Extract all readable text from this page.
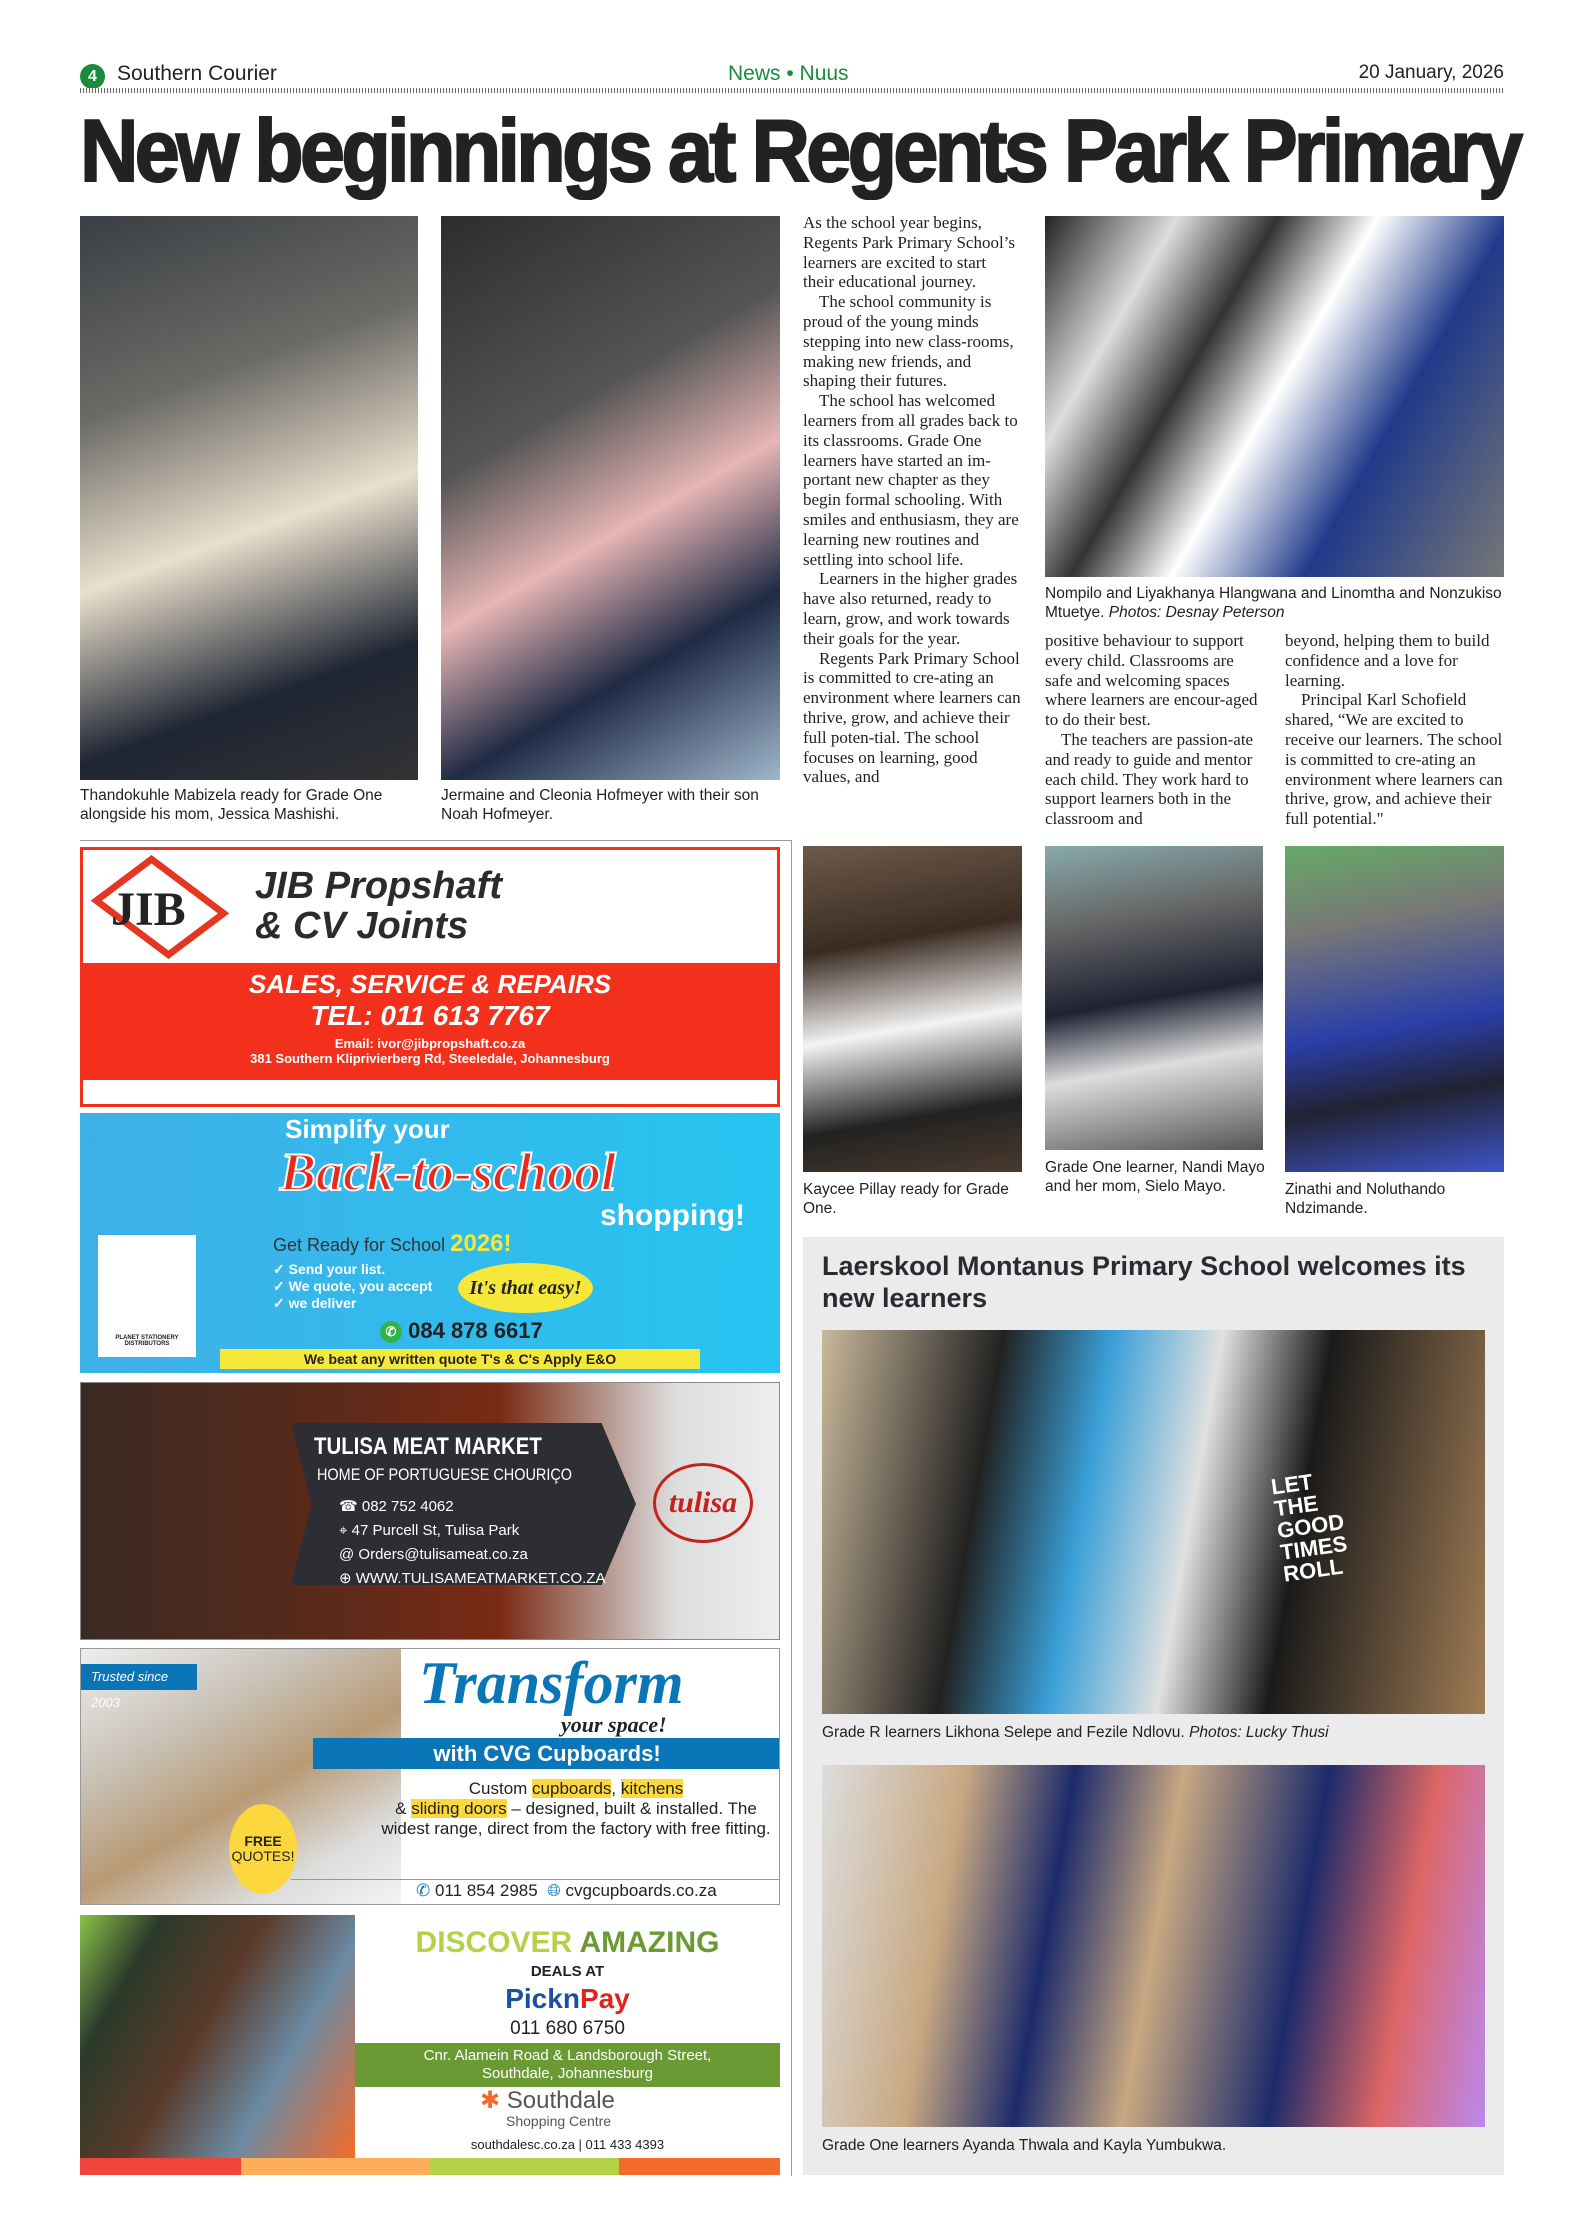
4 Southern Courier	News • Nuus	20 January, 2026
New beginnings at Regents Park Primary
Thandokuhle Mabizela ready for Grade One alongside his mom, Jessica Mashishi.
Jermaine and Cleonia Hofmeyer with their son Noah Hofmeyer.

As the school year begins, Regents Park Primary School’s learners are excited to start their educational journey.

The school community is proud of the young minds stepping into new class-rooms, making new friends, and shaping their futures.

The school has welcomed learners from all grades back to its classrooms. Grade One learners have started an im-portant new chapter as they begin formal schooling. With smiles and enthusiasm, they are learning new routines and settling into school life.

Learners in the higher grades have also returned, ready to learn, grow, and work towards their goals for the year.

Regents Park Primary School is committed to cre-ating an environment where learners can thrive, grow, and achieve their full poten-tial. The school focuses on learning, good values, and

Nompilo and Liyakhanya Hlangwana and Linomtha and Nonzukiso Mtuetye. Photos: Desnay Peterson

positive behaviour to support every child. Classrooms are safe and welcoming spaces where learners are encour-aged to do their best.

The teachers are passion-ate and ready to guide and mentor each child. They work hard to support learners both in the classroom and

beyond, helping them to build confidence and a love for learning.

Principal Karl Schofield shared, “We are excited to receive our learners. The school is committed to cre-ating an environment where learners can thrive, grow, and achieve their full potential."

Kaycee Pillay ready for Grade One.
Grade One learner, Nandi Mayo and her mom, Sielo Mayo.	Zinathi and Noluthando Ndzimande.
Laerskool Montanus Primary School welcomes its new learners
LET THE GOOD TIMES ROLL
Grade R learners Likhona Selepe and Fezile Ndlovu. Photos: Lucky Thusi
Grade One learners Ayanda Thwala and Kayla Yumbukwa.
JIB JIB Propshaft
& CV Joints
SALES, SERVICE & REPAIRS
TEL: 011 613 7767
Email: ivor@jibpropshaft.co.za
381 Southern Kliprivierberg Rd, Steeledale, Johannesburg
PLANET STATIONERY DISTRIBUTORS
Simplify your
Back-to-school
shopping!
Get Ready for School 2026!
✓ Send your list.
✓ We quote, you accept
✓ we deliver
It's that easy!
✆ 084 878 6617
We beat any written quote T's & C's Apply E&O
TULISA MEAT MARKET
HOME OF PORTUGUESE CHOURIÇO
☎ 082 752 4062
⌖ 47 Purcell St, Tulisa Park
@ Orders@tulisameat.co.za
⊕ WWW.TULISAMEATMARKET.CO.ZA
tulisa
Trusted since 2003
FREE
QUOTES!
Transform
your space!
with CVG Cupboards!
Custom cupboards, kitchens
& sliding doors – designed, built & installed. The widest range, direct from the factory with free fitting.
✆ 011 854 2985 🌐︎ cvgcupboards.co.za
DISCOVER AMAZING
DEALS AT
PicknPay
011 680 6750
Cnr. Alamein Road & Landsborough Street, Southdale, Johannesburg
✱ Southdale
Shopping Centre
southdalesc.co.za | 011 433 4393
